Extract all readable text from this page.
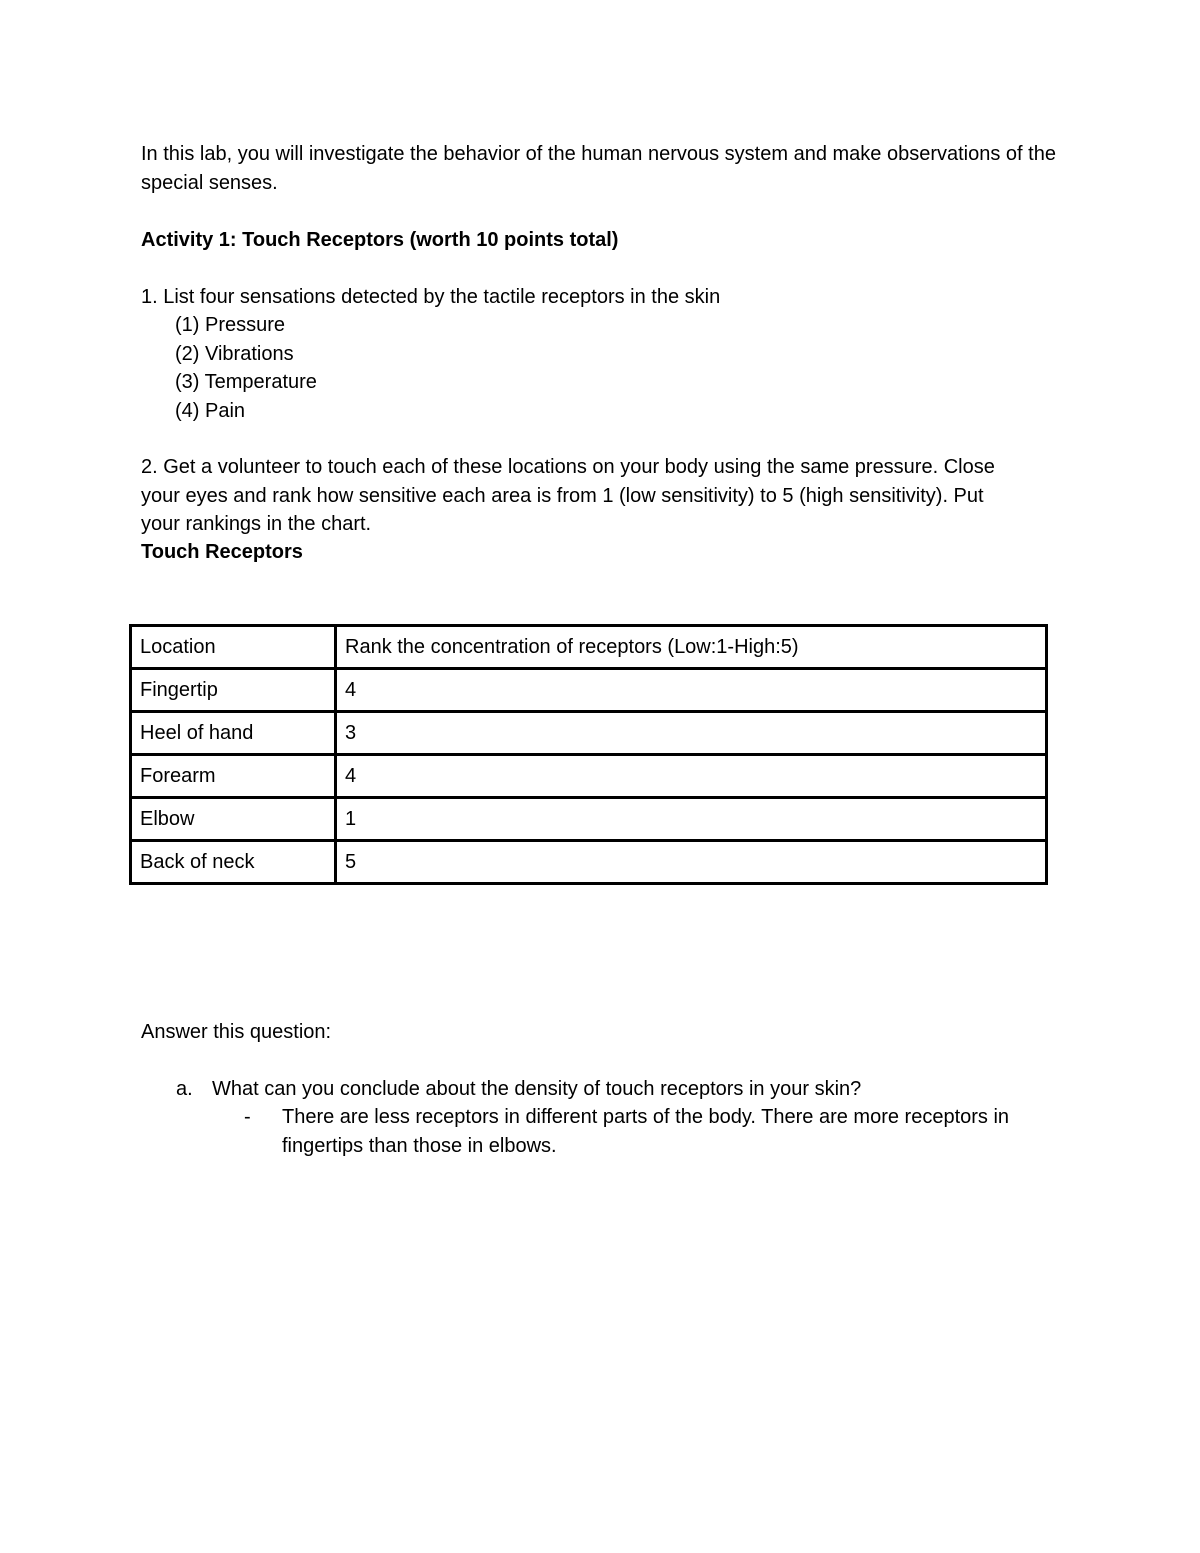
In this lab, you will investigate the behavior of the human nervous system and make observations of the special senses.

Activity 1: Touch Receptors (worth 10 points total)

1. List four sensations detected by the tactile receptors in the skin

(1) Pressure
(2) Vibrations
(3) Temperature
(4) Pain

2. Get a volunteer to touch each of these locations on your body using the same pressure. Close your eyes and rank how sensitive each area is from 1 (low sensitivity) to 5 (high sensitivity). Put your rankings in the chart.

Touch Receptors

Location	Rank the concentration of receptors (Low:1-High:5)
Fingertip	4
Heel of hand	3
Forearm	4
Elbow	1
Back of neck	5

Answer this question:

a. What can you conclude about the density of touch receptors in your skin?
- There are less receptors in different parts of the body. There are more receptors in fingertips than those in elbows.
